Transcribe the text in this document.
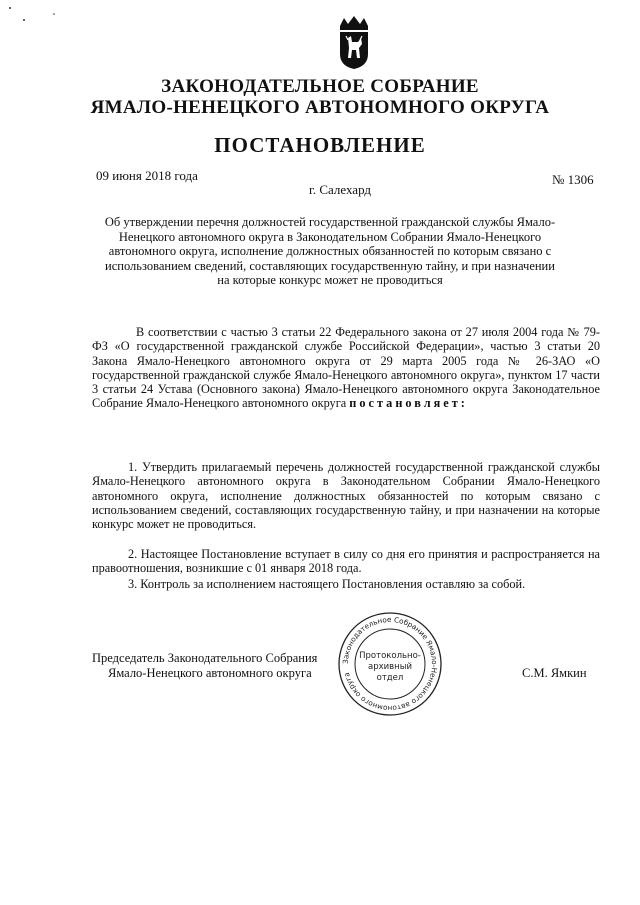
ЗАКОНОДАТЕЛЬНОЕ СОБРАНИЕ
ЯМАЛО-НЕНЕЦКОГО АВТОНОМНОГО ОКРУГА
ПОСТАНОВЛЕНИЕ
09 июня 2018 года	№ 1306
г. Салехард
Об утверждении перечня должностей государственной гражданской службы Ямало-Ненецкого автономного округа в Законодательном Собрании Ямало-Ненецкого автономного округа, исполнение должностных обязанностей по которым связано с использованием сведений, составляющих государственную тайну, и при назначении на которые конкурс может не проводиться
В соответствии с частью 3 статьи 22 Федерального закона от 27 июля 2004 года № 79-ФЗ «О государственной гражданской службе Российской Федерации», частью 3 статьи 20 Закона Ямало-Ненецкого автономного округа от 29 марта 2005 года № 26-ЗАО «О государственной гражданской службе Ямало-Ненецкого автономного округа», пунктом 17 части 3 статьи 24 Устава (Основного закона) Ямало-Ненецкого автономного округа Законодательное Собрание Ямало-Ненецкого автономного округа постановляет:
1. Утвердить прилагаемый перечень должностей государственной гражданской службы Ямало-Ненецкого автономного округа в Законодательном Собрании Ямало-Ненецкого автономного округа, исполнение должностных обязанностей по которым связано с использованием сведений, составляющих государственную тайну, и при назначении на которые конкурс может не проводиться.
2. Настоящее Постановление вступает в силу со дня его принятия и распространяется на правоотношения, возникшие с 01 января 2018 года.
3. Контроль за исполнением настоящего Постановления оставляю за собой.
Председатель Законодательного Собрания
Ямало-Ненецкого автономного округа	С.М. Ямкин
Законодательное Собрание Ямало-Ненецкого автономного округа
Протокольно-
архивный
отдел
